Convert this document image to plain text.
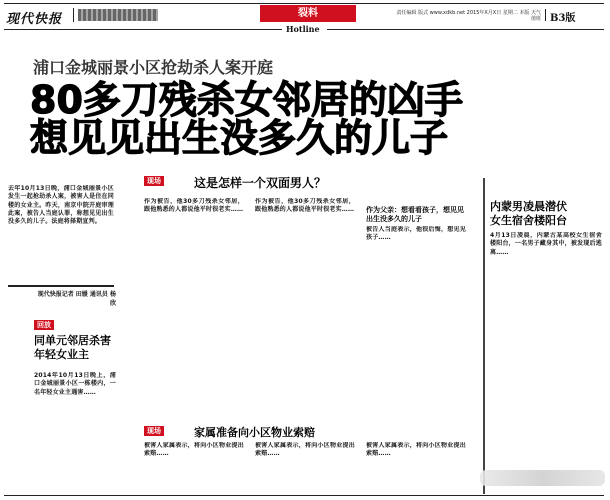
现代快报	裂料
Hotline
责任编辑 版式 www.xdkb.net 2015年X月X日 星期二 本版 天气 值班 B3版
浦口金城丽景小区抢劫杀人案开庭
80多刀残杀女邻居的凶手
想见见出生没多久的儿子
去年10月13日晚，浦口金城丽景小区发生一起抢劫杀人案，被害人是住在同楼的女业主。昨天，南京中院开庭审理此案，被告人当庭认罪，称想见见出生没多久的儿子。法庭将择期宣判。
现代快报记者 田媛 通讯员 杨欣
回放
同单元邻居杀害年轻女业主
2014年10月13日晚上，浦口金城丽景小区一栋楼内，一名年轻女业主遇害……
现场	这是怎样一个双面男人？
作为被告，他30多刀残杀女邻居，跟他熟悉的人都说他平时很老实……
作为被告，他30多刀残杀女邻居，跟他熟悉的人都说他平时很老实…… 作为父亲：想看看孩子，想见见出生没多久的儿子
被告人当庭表示，他很后悔，想见见孩子……
内蒙男凌晨潜伏
女生宿舍楼阳台
4月13日凌晨，内蒙古某高校女生宿舍楼阳台，一名男子藏身其中，被发现后逃离……
现场	家属准备向小区物业索赔
被害人家属表示，将向小区物业提出索赔……
被害人家属表示，将向小区物业提出索赔……
被害人家属表示，将向小区物业提出索赔……
